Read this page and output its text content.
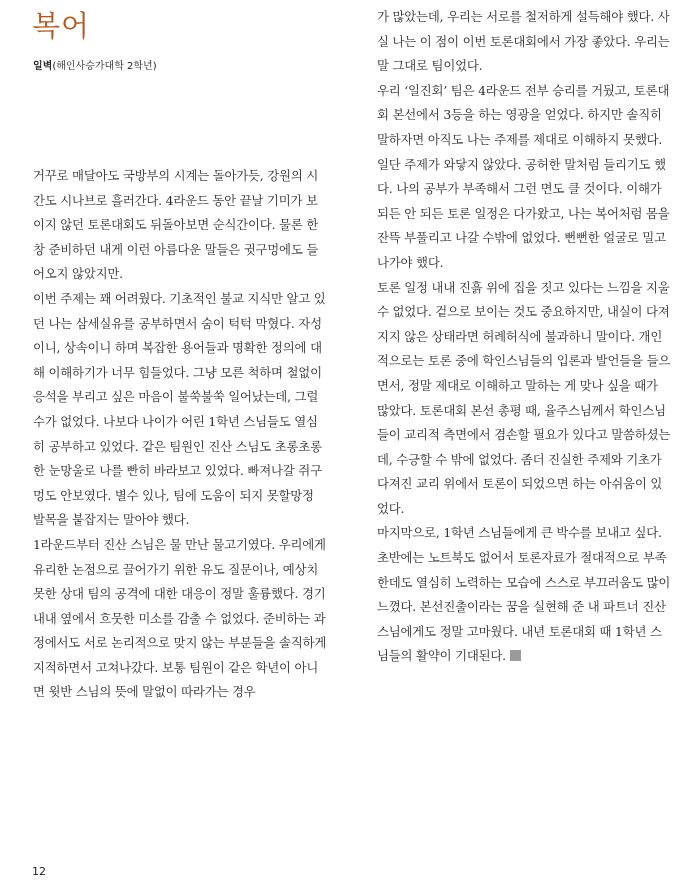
복어
일벽(해인사승가대학 2학년)

거꾸로 매달아도 국방부의 시계는 돌아가듯, 강원의 시간도 시나브로 흘러간다. 4라운드 동안 끝날 기미가 보이지 않던 토론대회도 뒤돌아보면 순식간이다. 물론 한창 준비하던 내게 이런 아름다운 말들은 귓구멍에도 들어오지 않았지만.

이번 주제는 꽤 어려웠다. 기초적인 불교 지식만 알고 있던 나는 삼세실유를 공부하면서 숨이 턱턱 막혔다. 자성이니, 상속이니 하며 복잡한 용어들과 명확한 정의에 대해 이해하기가 너무 힘들었다. 그냥 모른 척하며 철없이 응석을 부리고 싶은 마음이 불쑥불쑥 일어났는데, 그럴 수가 없었다. 나보다 나이가 어린 1학년 스님들도 열심히 공부하고 있었다. 같은 팀원인 진산 스님도 초롱초롱한 눈망울로 나를 빤히 바라보고 있었다. 빠져나갈 쥐구멍도 안보였다. 별수 있나, 팀에 도움이 되지 못할망정 발목을 붙잡지는 말아야 했다.

1라운드부터 진산 스님은 물 만난 물고기였다. 우리에게 유리한 논점으로 끌어가기 위한 유도 질문이나, 예상치 못한 상대 팀의 공격에 대한 대응이 정말 훌륭했다. 경기 내내 옆에서 흐뭇한 미소를 감출 수 없었다. 준비하는 과정에서도 서로 논리적으로 맞지 않는 부분들을 솔직하게 지적하면서 고쳐나갔다. 보통 팀원이 같은 학년이 아니면 윗반 스님의 뜻에 말없이 따라가는 경우

가 많았는데, 우리는 서로를 철저하게 설득해야 했다. 사실 나는 이 점이 이번 토론대회에서 가장 좋았다. 우리는 말 그대로 팀이었다.

우리 ‘일진회’ 팀은 4라운드 전부 승리를 거뒀고, 토론대회 본선에서 3등을 하는 영광을 얻었다. 하지만 솔직히 말하자면 아직도 나는 주제를 제대로 이해하지 못했다. 일단 주제가 와닿지 않았다. 공허한 말처럼 들리기도 했다. 나의 공부가 부족해서 그런 면도 클 것이다. 이해가 되든 안 되든 토론 일정은 다가왔고, 나는 복어처럼 몸을 잔뜩 부풀리고 나갈 수밖에 없었다. 뻔뻔한 얼굴로 밀고 나가야 했다.

토론 일정 내내 진흙 위에 집을 짓고 있다는 느낌을 지울 수 없었다. 겉으로 보이는 것도 중요하지만, 내실이 다져지지 않은 상태라면 허례허식에 불과하니 말이다. 개인적으로는 토론 중에 학인스님들의 입론과 발언들을 들으면서, 정말 제대로 이해하고 말하는 게 맞나 싶을 때가 많았다. 토론대회 본선 총평 때, 율주스님께서 학인스님들이 교리적 측면에서 겸손할 필요가 있다고 말씀하셨는데, 수긍할 수 밖에 없었다. 좀더 진실한 주제와 기초가 다져진 교리 위에서 토론이 되었으면 하는 아쉬움이 있었다.

마지막으로, 1학년 스님들에게 큰 박수를 보내고 싶다. 초반에는 노트북도 없어서 토론자료가 절대적으로 부족한데도 열심히 노력하는 모습에 스스로 부끄러움도 많이 느꼈다. 본선진출이라는 꿈을 실현해 준 내 파트너 진산 스님에게도 정말 고마웠다. 내년 토론대회 때 1학년 스님들의 활약이 기대된다.

12
